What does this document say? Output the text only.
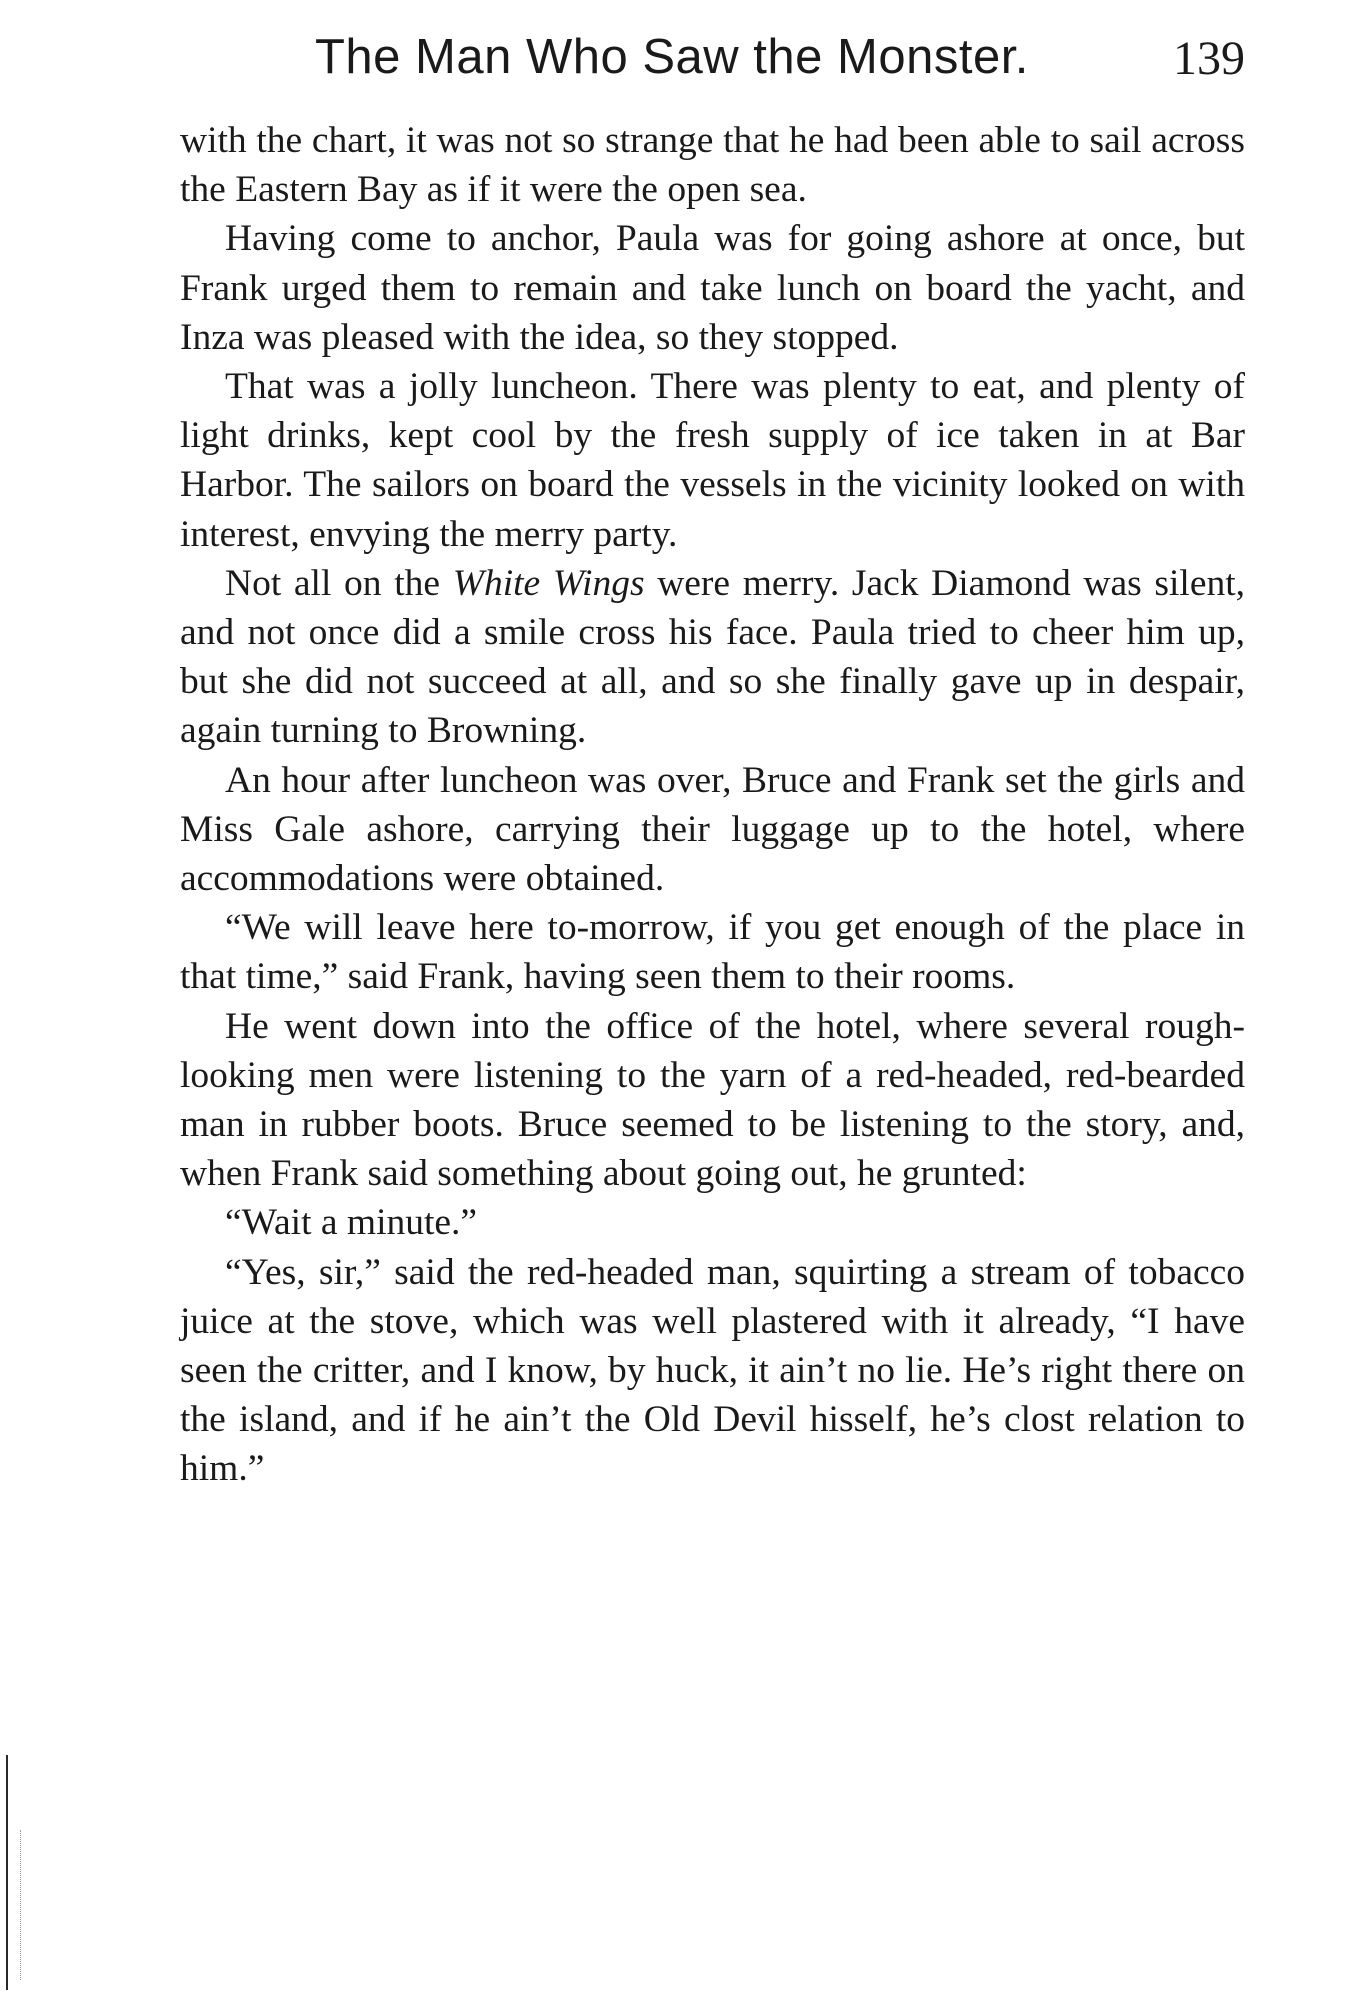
The Man Who Saw the Monster.	139

with the chart, it was not so strange that he had been able to sail across the Eastern Bay as if it were the open sea.

Having come to anchor, Paula was for going ashore at once, but Frank urged them to remain and take lunch on board the yacht, and Inza was pleased with the idea, so they stopped.

That was a jolly luncheon. There was plenty to eat, and plenty of light drinks, kept cool by the fresh supply of ice taken in at Bar Harbor. The sailors on board the vessels in the vicinity looked on with interest, envying the merry party.

Not all on the White Wings were merry. Jack Diamond was silent, and not once did a smile cross his face. Paula tried to cheer him up, but she did not succeed at all, and so she finally gave up in despair, again turning to Browning.

An hour after luncheon was over, Bruce and Frank set the girls and Miss Gale ashore, carrying their luggage up to the hotel, where accommodations were obtained.

“We will leave here to-morrow, if you get enough of the place in that time,” said Frank, having seen them to their rooms.

He went down into the office of the hotel, where several rough-looking men were listening to the yarn of a red-headed, red-bearded man in rubber boots. Bruce seemed to be listening to the story, and, when Frank said something about going out, he grunted:

“Wait a minute.”

“Yes, sir,” said the red-headed man, squirting a stream of tobacco juice at the stove, which was well plastered with it already, “I have seen the critter, and I know, by huck, it ain’t no lie. He’s right there on the island, and if he ain’t the Old Devil hisself, he’s clost relation to him.”
